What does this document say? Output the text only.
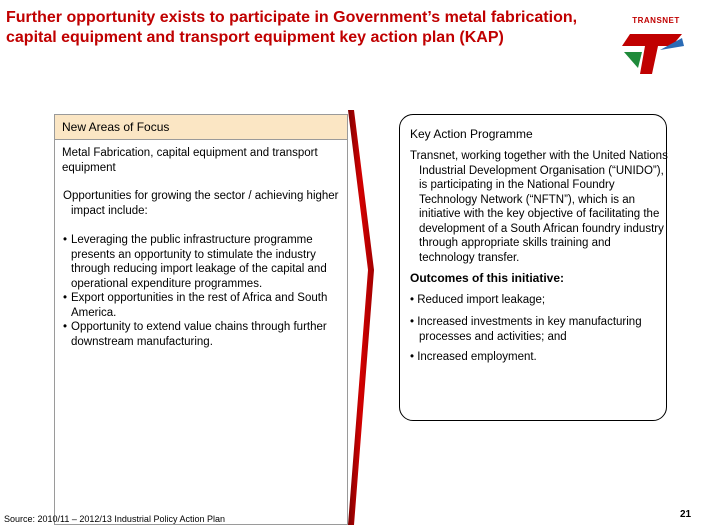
Further opportunity exists to participate in Government’s metal fabrication, capital equipment and transport equipment key action plan (KAP)
TRANSNET
New Areas of Focus
Metal Fabrication, capital equipment and transport equipment
Opportunities for growing the sector / achieving higher impact include:
• Leveraging the public infrastructure programme presents an opportunity to stimulate the industry through reducing import leakage of the capital and operational expenditure programmes.
• Export opportunities in the rest of Africa and South America.
• Opportunity to extend value chains through further downstream manufacturing.
Key Action Programme
Transnet, working together with the United Nations Industrial Development Organisation (“UNIDO”), is participating in the National Foundry Technology Network (“NFTN”), which is an initiative with the key objective of facilitating the development of a South African foundry industry through appropriate skills training and technology transfer.
Outcomes of this initiative:
• Reduced import leakage;
• Increased investments in key manufacturing processes and activities; and
• Increased employment.
Source: 2010/11 – 2012/13 Industrial Policy Action Plan	21
